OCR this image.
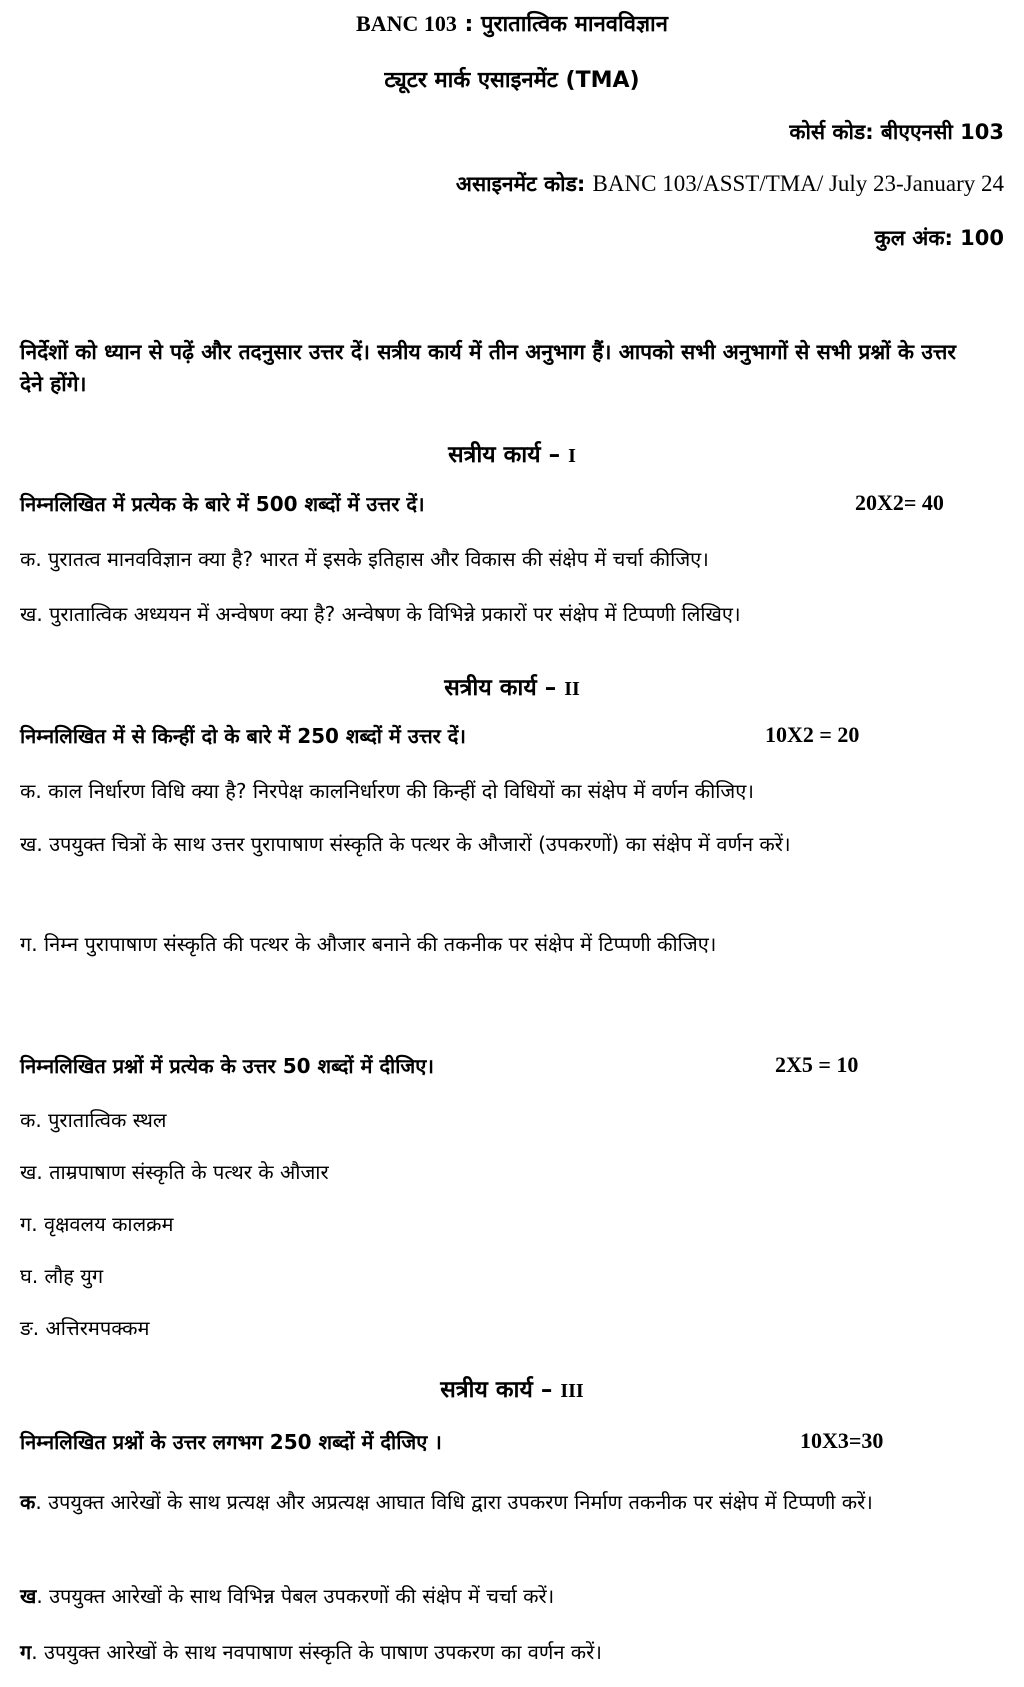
BANC 103 : पुरातात्विक मानवविज्ञान
ट्यूटर मार्क एसाइनमेंट (TMA)
कोर्स कोड: बीएएनसी 103
असाइनमेंट कोड: BANC 103/ASST/TMA/ July 23-January 24
कुल अंक: 100
निर्देशों को ध्यान से पढ़ें और तदनुसार उत्तर दें। सत्रीय कार्य में तीन अनुभाग हैं। आपको सभी अनुभागों से सभी प्रश्नों के उत्तर देने होंगे।
सत्रीय कार्य – I
निम्नलिखित में प्रत्येक के बारे में 500 शब्दों में उत्तर दें।	20X2= 40
क. पुरातत्व मानवविज्ञान क्या है? भारत में इसके इतिहास और विकास की संक्षेप में चर्चा कीजिए।
ख. पुरातात्विक अध्ययन में अन्वेषण क्या है? अन्वेषण के विभिन्ने प्रकारों पर संक्षेप में टिप्पणी लिखिए।
सत्रीय कार्य – II
निम्नलिखित में से किन्हीं दो के बारे में 250 शब्दों में उत्तर दें।	10X2 = 20
क. काल निर्धारण विधि क्या है? निरपेक्ष कालनिर्धारण की किन्हीं दो विधियों का संक्षेप में वर्णन कीजिए।
ख. उपयुक्त चित्रों के साथ उत्तर पुरापाषाण संस्कृति के पत्थर के औजारों (उपकरणों) का संक्षेप में वर्णन करें।
ग. निम्न पुरापाषाण संस्कृति की पत्थर के औजार बनाने की तकनीक पर संक्षेप में टिप्पणी कीजिए।
निम्नलिखित प्रश्नों में प्रत्येक के उत्तर 50 शब्दों में दीजिए।	2X5 = 10
क. पुरातात्विक स्थल
ख. ताम्रपाषाण संस्कृति के पत्थर के औजार
ग. वृक्षवलय कालक्रम
घ. लौह युग
ङ. अत्तिरमपक्कम
सत्रीय कार्य – III
निम्नलिखित प्रश्नों के उत्तर लगभग 250 शब्दों में दीजिए ।	10X3=30
क. उपयुक्त आरेखों के साथ प्रत्यक्ष और अप्रत्यक्ष आघात विधि द्वारा उपकरण निर्माण तकनीक पर संक्षेप में टिप्पणी करें।
ख. उपयुक्त आरेखों के साथ विभिन्न पेबल उपकरणों की संक्षेप में चर्चा करें।
ग. उपयुक्त आरेखों के साथ नवपाषाण संस्कृति के पाषाण उपकरण का वर्णन करें।
